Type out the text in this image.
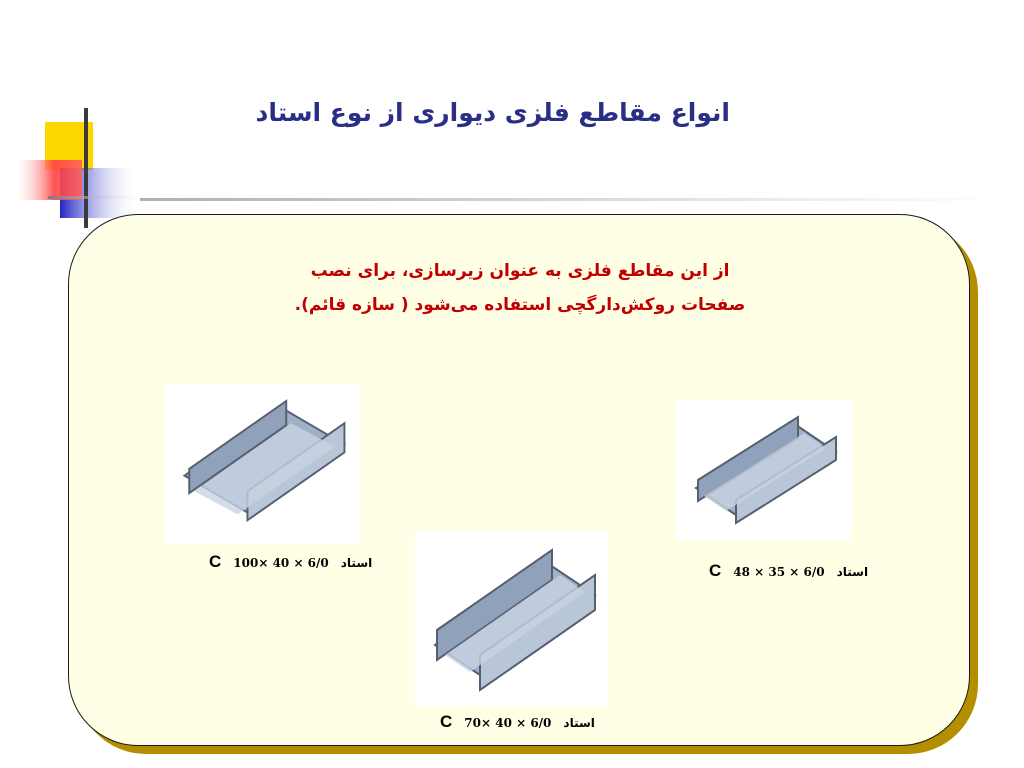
انواع مقاطع فلزی دیواری از نوع استاد
از این مقاطع فلزی به عنوان زیرسازی، برای نصب
صفحات روکش‌دارگچی استفاده می‌شود ( سازه قائم).
C 100× 40 × 6/0 استاد	C 48 × 35 × 6/0 استاد
C 70× 40 × 6/0 استاد
